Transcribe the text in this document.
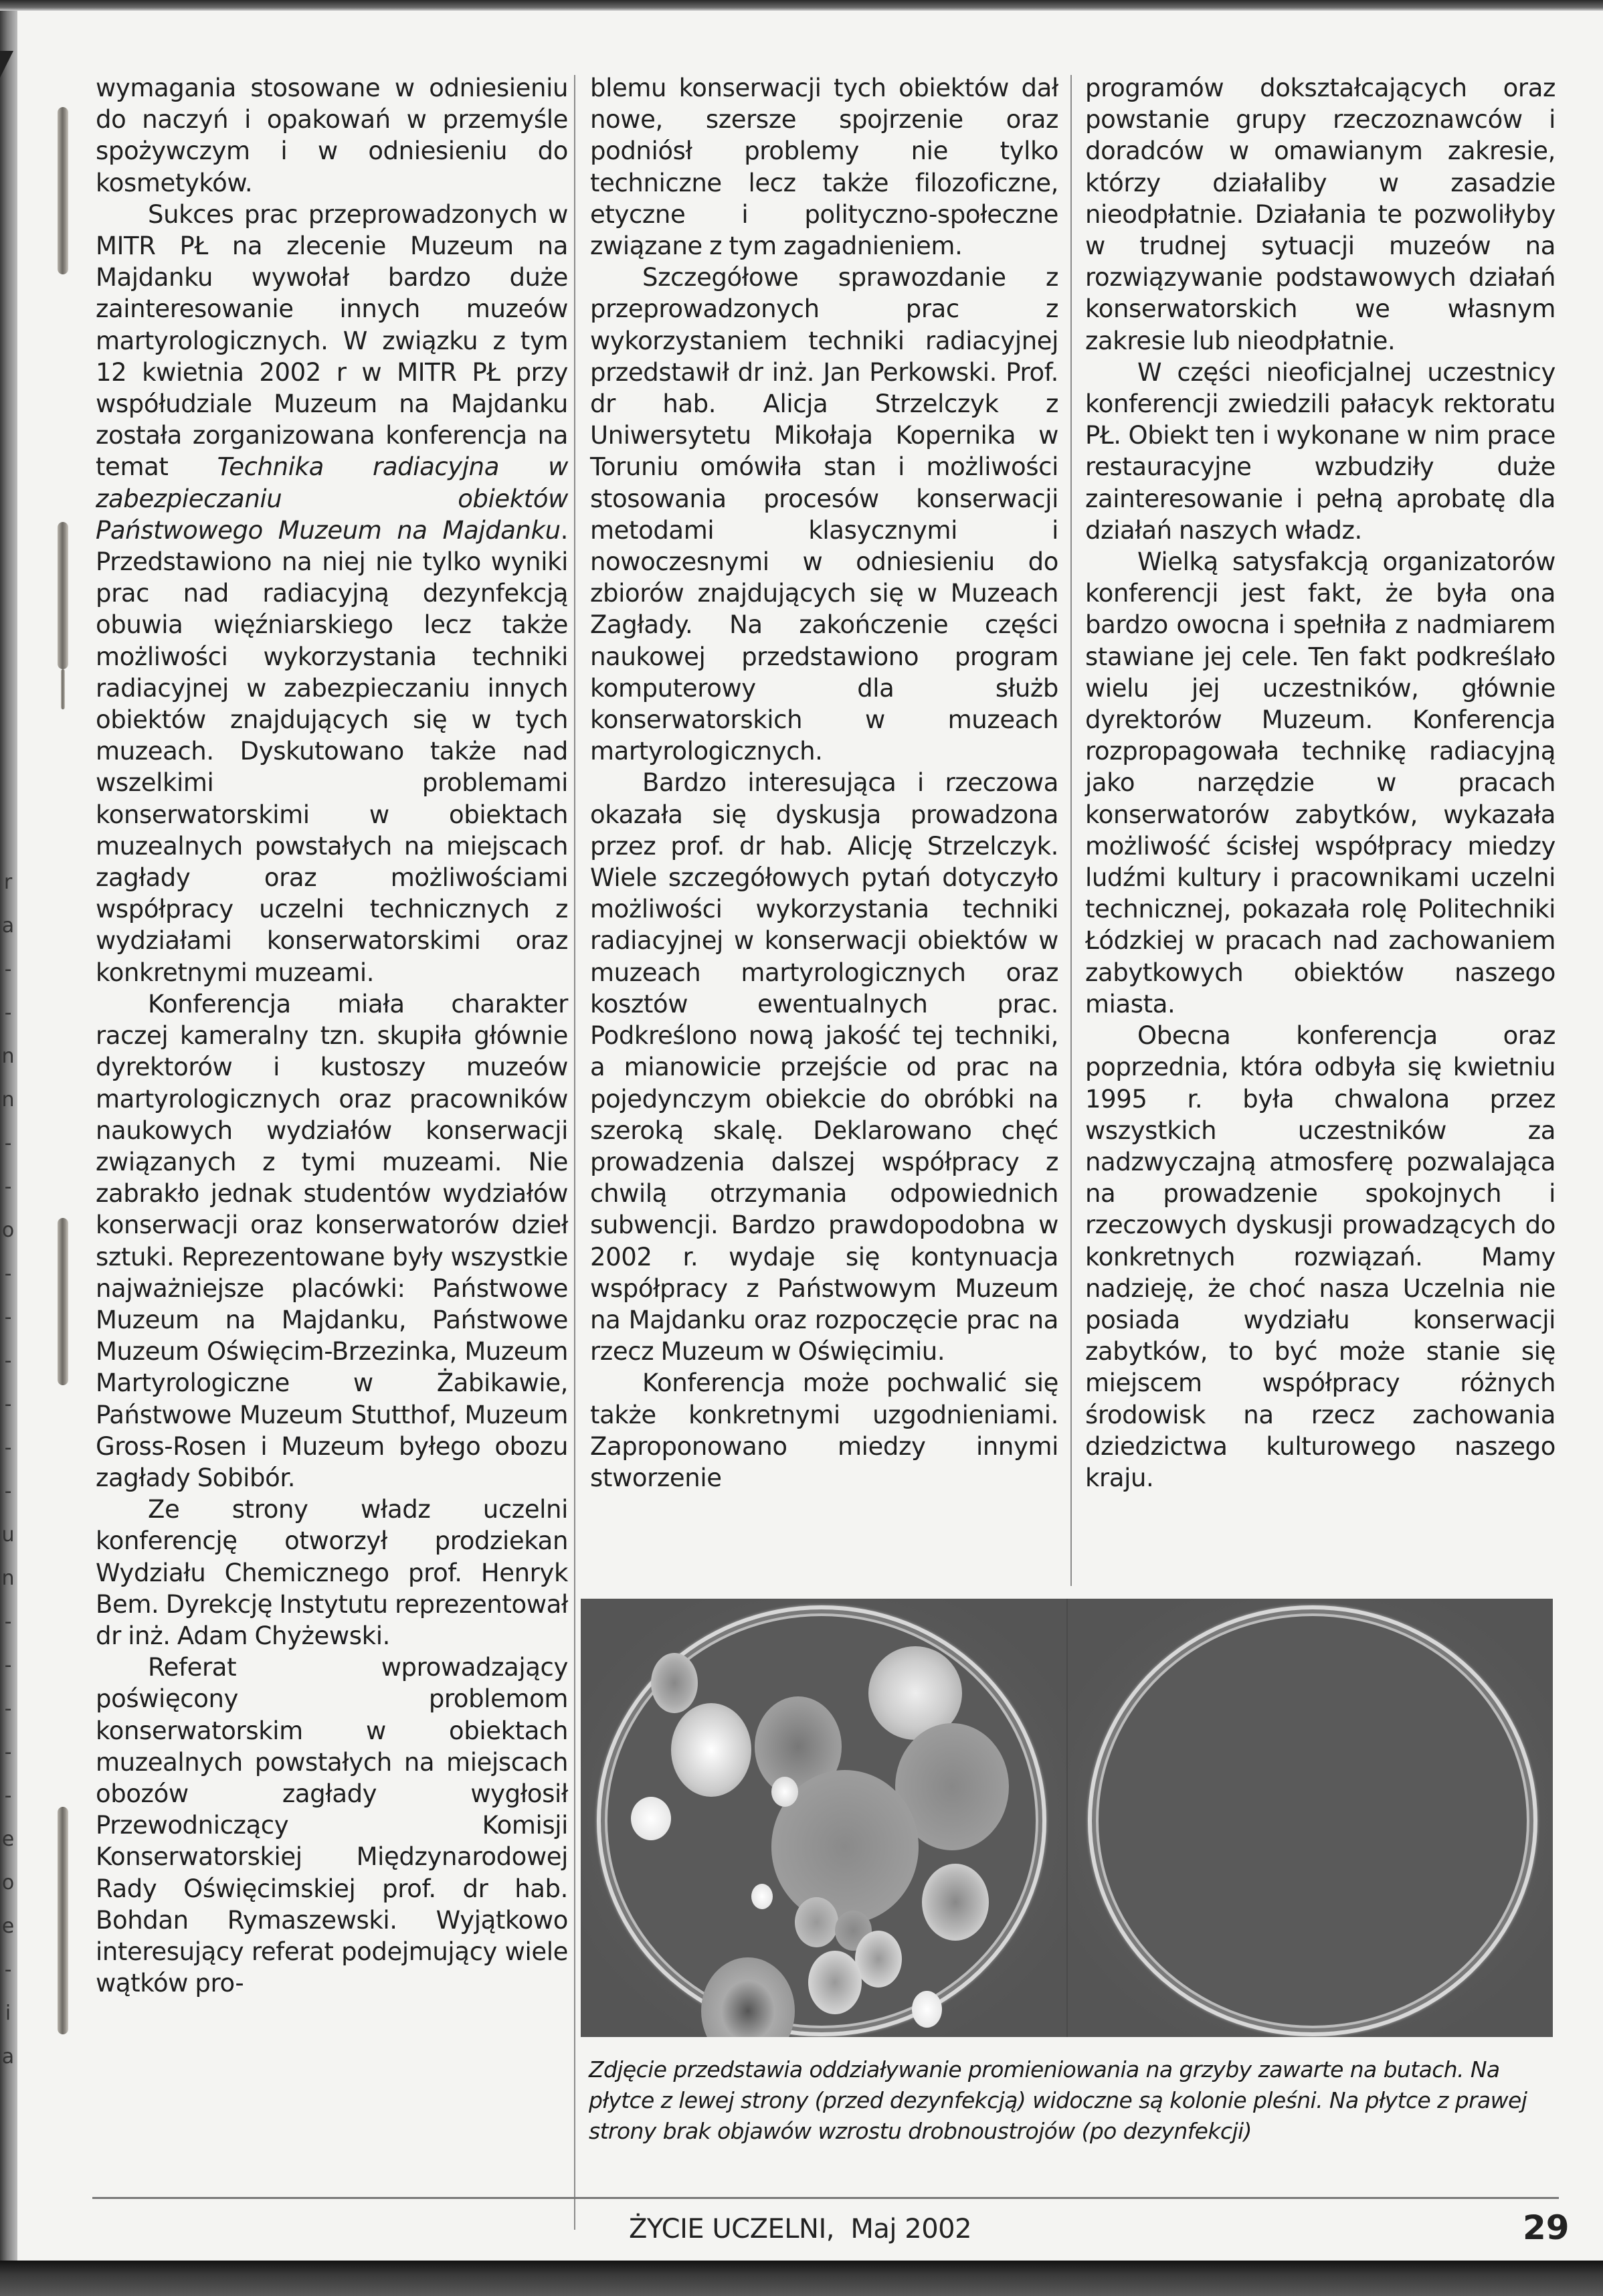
r
a
-
-
n
n
-
-
o
-
-
-
-
-
-
u
n
-
-
-
-
-
e
o
e
-
i
a

wymagania stosowane w odniesieniu do naczyń i opakowań w przemyśle spożywczym i w odniesieniu do kosmetyków.

Sukces prac przeprowadzonych w MITR PŁ na zlecenie Muzeum na Majdanku wywołał bardzo duże zainteresowanie innych muzeów martyrologicznych. W związku z tym 12 kwietnia 2002 r w MITR PŁ przy współudziale Muzeum na Majdanku została zorganizowana konferencja na temat Technika radiacyjna w zabezpieczaniu obiektów Państwowego Muzeum na Majdanku. Przedstawiono na niej nie tylko wyniki prac nad radiacyjną dezynfekcją obuwia więźniarskiego lecz także możliwości wykorzystania techniki radiacyjnej w zabezpieczaniu innych obiektów znajdujących się w tych muzeach. Dyskutowano także nad wszelkimi problemami konserwatorskimi w obiektach muzealnych powstałych na miejscach zagłady oraz możliwościami współpracy uczelni technicznych z wydziałami konserwatorskimi oraz konkretnymi muzeami.

Konferencja miała charakter raczej kameralny tzn. skupiła głównie dyrektorów i kustoszy muzeów martyrologicznych oraz pracowników naukowych wydziałów konserwacji związanych z tymi muzeami. Nie zabrakło jednak studentów wydziałów konserwacji oraz konserwatorów dzieł sztuki. Reprezentowane były wszystkie najważniejsze placówki: Państwowe Muzeum na Majdanku, Państwowe Muzeum Oświęcim-Brzezinka, Muzeum Martyrologiczne w Żabikawie, Państwowe Muzeum Stutthof, Muzeum Gross-Rosen i Muzeum byłego obozu zagłady Sobibór.

Ze strony władz uczelni konferencję otworzył prodziekan Wydziału Chemicznego prof. Henryk Bem. Dyrekcję Instytutu reprezentował dr inż. Adam Chyżewski.

Referat wprowadzający poświęcony problemom konserwatorskim w obiektach muzealnych powstałych na miejscach obozów zagłady wygłosił Przewodniczący Komisji Konserwatorskiej Międzynarodowej Rady Oświęcimskiej prof. dr hab. Bohdan Rymaszewski. Wyjątkowo interesujący referat podejmujący wiele wątków pro-

blemu konserwacji tych obiektów dał nowe, szersze spojrzenie oraz podniósł problemy nie tylko techniczne lecz także filozoficzne, etyczne i polityczno-społeczne związane z tym zagadnieniem.

Szczegółowe sprawozdanie z przeprowadzonych prac z wykorzystaniem techniki radiacyjnej przedstawił dr inż. Jan Perkowski. Prof. dr hab. Alicja Strzelczyk z Uniwersytetu Mikołaja Kopernika w Toruniu omówiła stan i możliwości stosowania procesów konserwacji metodami klasycznymi i nowoczesnymi w odniesieniu do zbiorów znajdujących się w Muzeach Zagłady. Na zakończenie części naukowej przedstawiono program komputerowy dla służb konserwatorskich w muzeach martyrologicznych.

Bardzo interesująca i rzeczowa okazała się dyskusja prowadzona przez prof. dr hab. Alicję Strzelczyk. Wiele szczegółowych pytań dotyczyło możliwości wykorzystania techniki radiacyjnej w konserwacji obiektów w muzeach martyrologicznych oraz kosztów ewentualnych prac. Podkreślono nową jakość tej techniki, a mianowicie przejście od prac na pojedynczym obiekcie do obróbki na szeroką skalę. Deklarowano chęć prowadzenia dalszej współpracy z chwilą otrzymania odpowiednich subwencji. Bardzo prawdopodobna w 2002 r. wydaje się kontynuacja współpracy z Państwowym Muzeum na Majdanku oraz rozpoczęcie prac na rzecz Muzeum w Oświęcimiu.

Konferencja może pochwalić się także konkretnymi uzgodnieniami. Zaproponowano miedzy innymi stworzenie

programów dokształcających oraz powstanie grupy rzeczoznawców i doradców w omawianym zakresie, którzy działaliby w zasadzie nieodpłatnie. Działania te pozwoliłyby w trudnej sytuacji muzeów na rozwiązywanie podstawowych działań konserwatorskich we własnym zakresie lub nieodpłatnie.

W części nieoficjalnej uczestnicy konferencji zwiedzili pałacyk rektoratu PŁ. Obiekt ten i wykonane w nim prace restauracyjne wzbudziły duże zainteresowanie i pełną aprobatę dla działań naszych władz.

Wielką satysfakcją organizatorów konferencji jest fakt, że była ona bardzo owocna i spełniła z nadmiarem stawiane jej cele. Ten fakt podkreślało wielu jej uczestników, głównie dyrektorów Muzeum. Konferencja rozpropagowała technikę radiacyjną jako narzędzie w pracach konserwatorów zabytków, wykazała możliwość ścisłej współpracy miedzy ludźmi kultury i pracownikami uczelni technicznej, pokazała rolę Politechniki Łódzkiej w pracach nad zachowaniem zabytkowych obiektów naszego miasta.

Obecna konferencja oraz poprzednia, która odbyła się kwietniu 1995 r. była chwalona przez wszystkich uczestników za nadzwyczajną atmosferę pozwalająca na prowadzenie spokojnych i rzeczowych dyskusji prowadzących do konkretnych rozwiązań. Mamy nadzieję, że choć nasza Uczelnia nie posiada wydziału konserwacji zabytków, to być może stanie się miejscem współpracy różnych środowisk na rzecz zachowania dziedzictwa kulturowego naszego kraju.

Zdjęcie przedstawia oddziaływanie promieniowania na grzyby zawarte na butach. Na płytce z lewej strony (przed dezynfekcją) widoczne są kolonie pleśni. Na płytce z prawej strony brak objawów wzrostu drobnoustrojów (po dezynfekcji)
ŻYCIE UCZELNI,  Maj 2002	29
